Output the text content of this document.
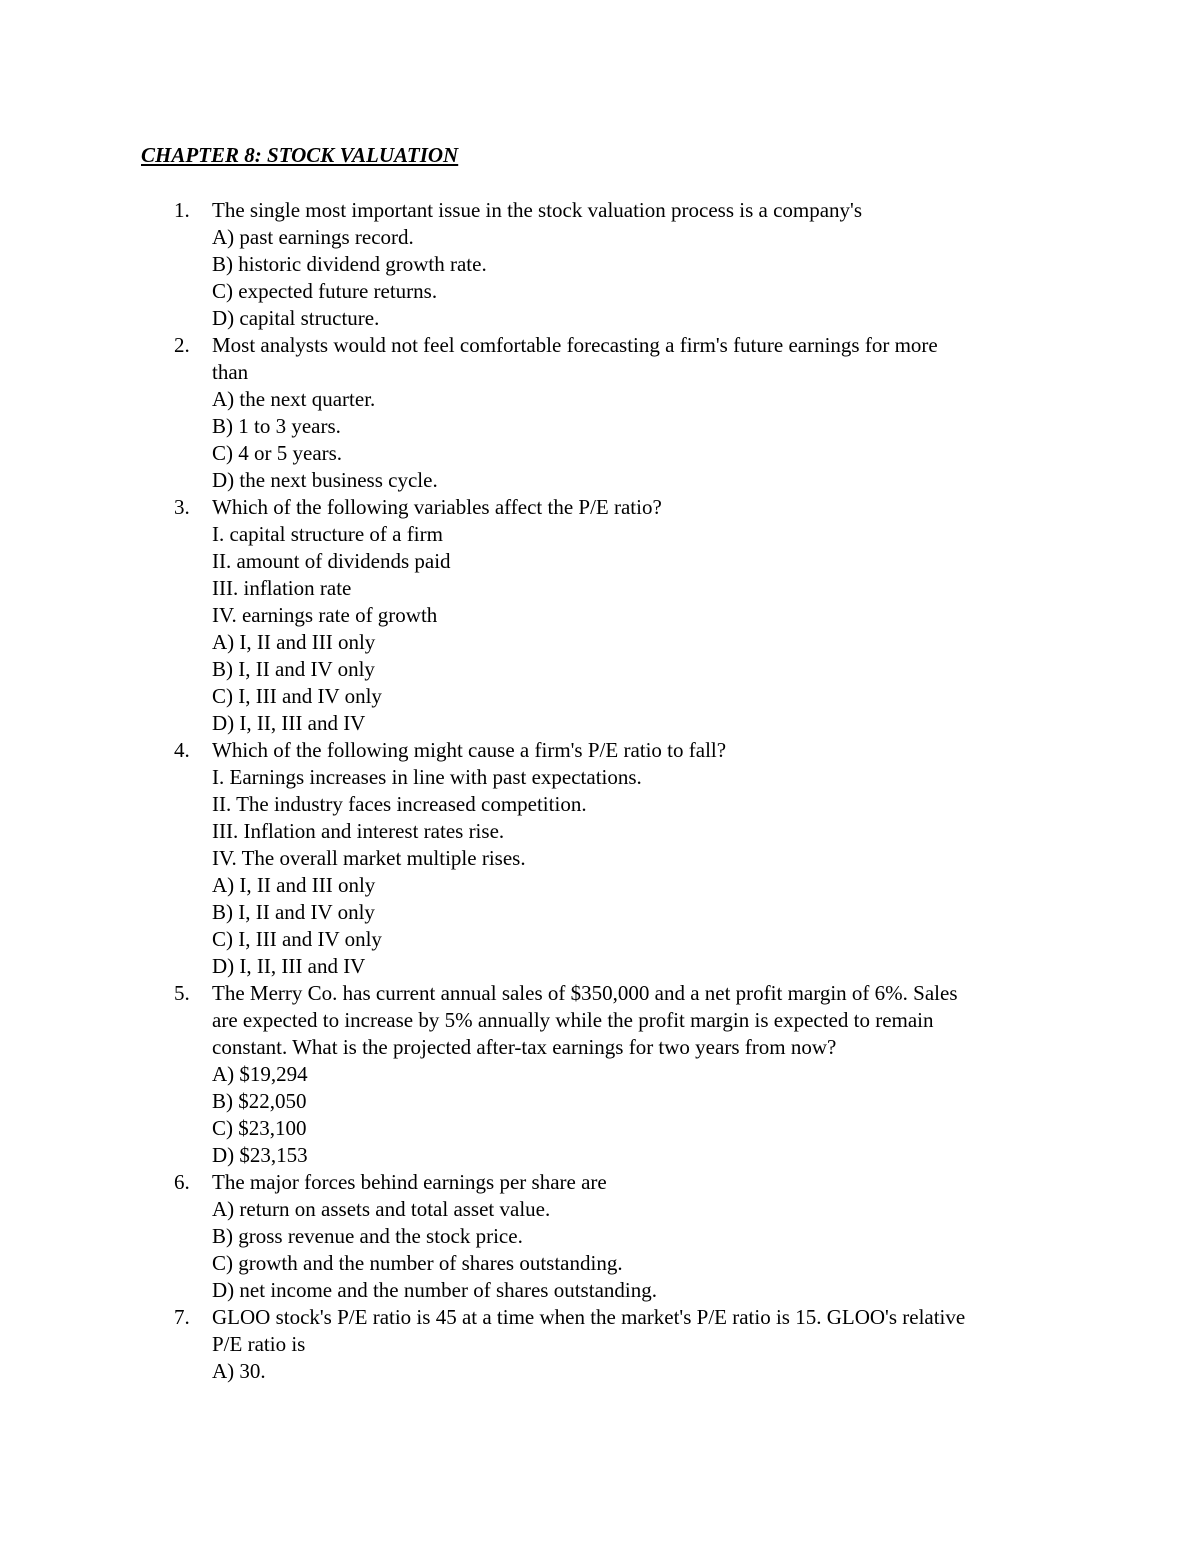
CHAPTER 8: STOCK VALUATION
1. The single most important issue in the stock valuation process is a company's
A) past earnings record.
B) historic dividend growth rate.
C) expected future returns.
D) capital structure.
2. Most analysts would not feel comfortable forecasting a firm's future earnings for more
than
A) the next quarter.
B) 1 to 3 years.
C) 4 or 5 years.
D) the next business cycle.
3. Which of the following variables affect the P/E ratio?
I. capital structure of a firm
II. amount of dividends paid
III. inflation rate
IV. earnings rate of growth
A) I, II and III only
B) I, II and IV only
C) I, III and IV only
D) I, II, III and IV
4. Which of the following might cause a firm's P/E ratio to fall?
I. Earnings increases in line with past expectations.
II. The industry faces increased competition.
III. Inflation and interest rates rise.
IV. The overall market multiple rises.
A) I, II and III only
B) I, II and IV only
C) I, III and IV only
D) I, II, III and IV
5. The Merry Co. has current annual sales of $350,000 and a net profit margin of 6%. Sales
are expected to increase by 5% annually while the profit margin is expected to remain
constant. What is the projected after-tax earnings for two years from now?
A) $19,294
B) $22,050
C) $23,100
D) $23,153
6. The major forces behind earnings per share are
A) return on assets and total asset value.
B) gross revenue and the stock price.
C) growth and the number of shares outstanding.
D) net income and the number of shares outstanding.
7. GLOO stock's P/E ratio is 45 at a time when the market's P/E ratio is 15. GLOO's relative
P/E ratio is
A) 30.
